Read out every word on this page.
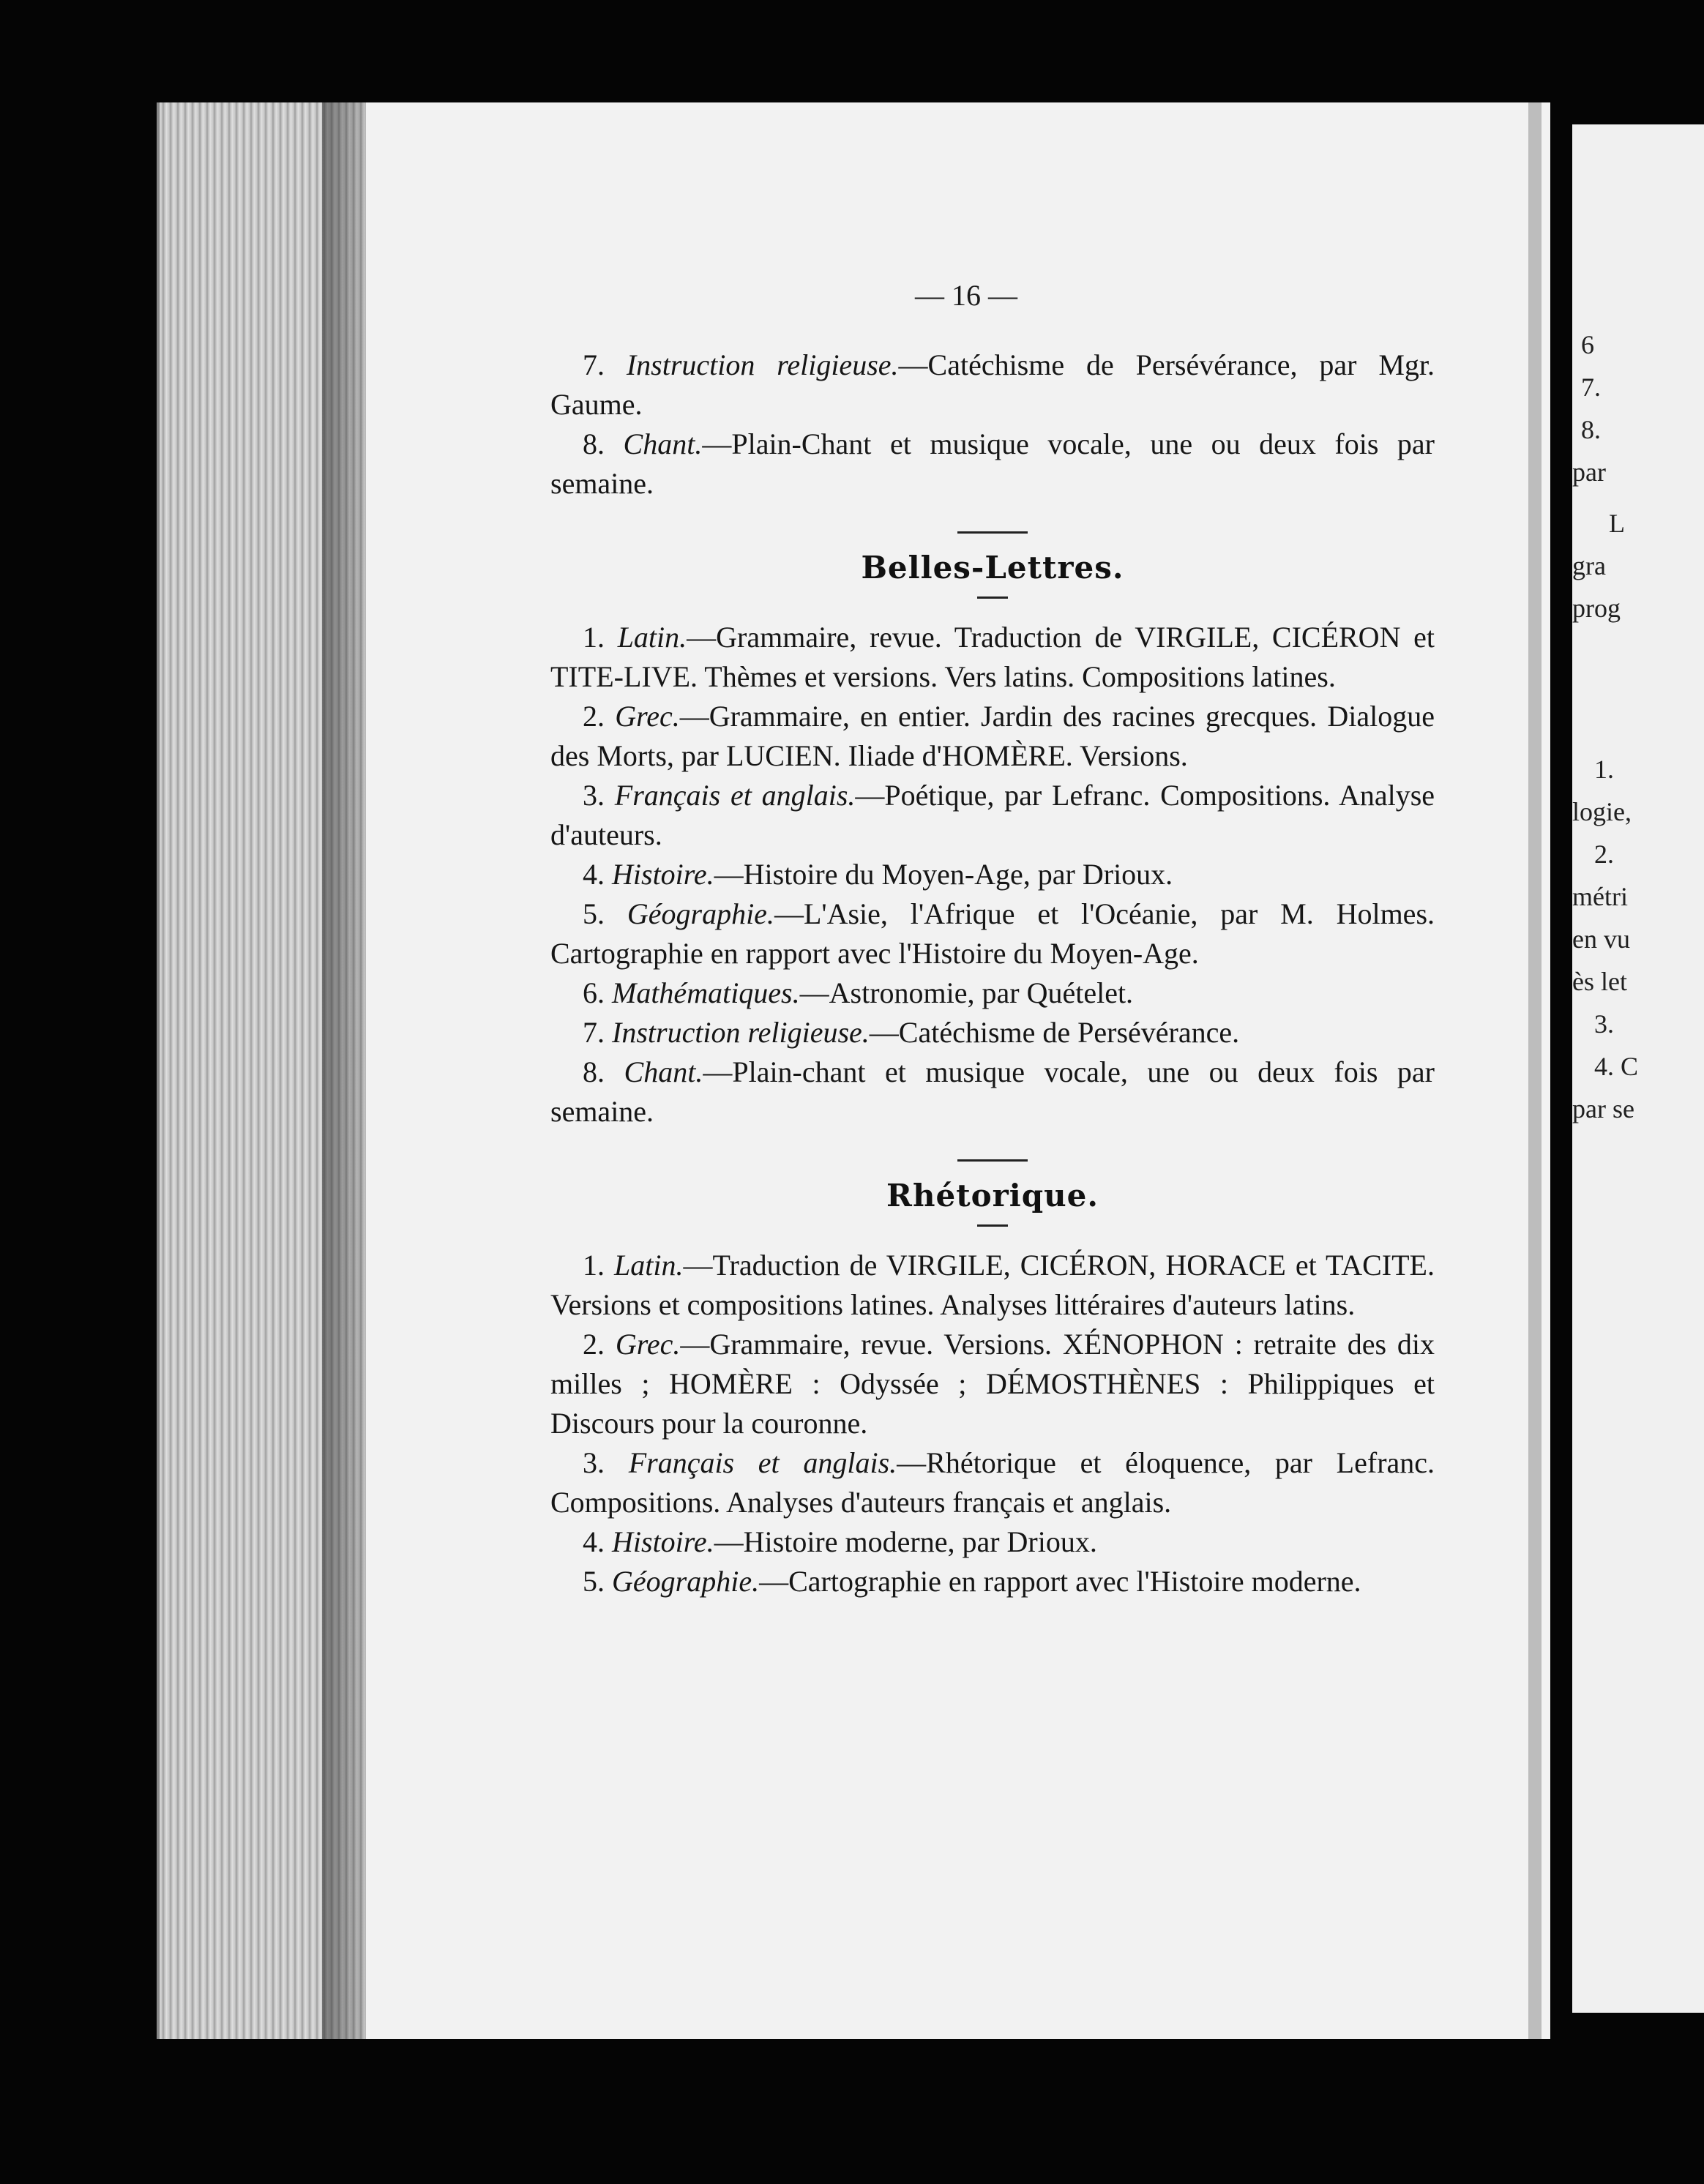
6
7.
8.
par
L
gra
prog
1.
logie,
2.
métri
en vu
ès let
3.
4. C
par se
— 16 —

7. Instruction religieuse.—Catéchisme de Persévérance, par Mgr. Gaume.

8. Chant.—Plain-Chant et musique vocale, une ou deux fois par semaine.

Belles-Lettres.

1. Latin.—Grammaire, revue. Traduction de VIRGILE, CICÉRON et TITE-LIVE. Thèmes et versions. Vers latins. Compositions latines.

2. Grec.—Grammaire, en entier. Jardin des racines grecques. Dialogue des Morts, par LUCIEN. Iliade d'HOMÈRE. Versions.

3. Français et anglais.—Poétique, par Lefranc. Compositions. Analyse d'auteurs.

4. Histoire.—Histoire du Moyen-Age, par Drioux.

5. Géographie.—L'Asie, l'Afrique et l'Océanie, par M. Holmes. Cartographie en rapport avec l'Histoire du Moyen-Age.

6. Mathématiques.—Astronomie, par Quételet.

7. Instruction religieuse.—Catéchisme de Persévérance.

8. Chant.—Plain-chant et musique vocale, une ou deux fois par semaine.

Rhétorique.

1. Latin.—Traduction de VIRGILE, CICÉRON, HORACE et TACITE. Versions et compositions latines. Analyses littéraires d'auteurs latins.

2. Grec.—Grammaire, revue. Versions. XÉNOPHON : retraite des dix milles ; HOMÈRE : Odyssée ; DÉMOSTHÈNES : Philippiques et Discours pour la couronne.

3. Français et anglais.—Rhétorique et éloquence, par Lefranc. Compositions. Analyses d'auteurs français et anglais.

4. Histoire.—Histoire moderne, par Drioux.

5. Géographie.—Cartographie en rapport avec l'Histoire moderne.
